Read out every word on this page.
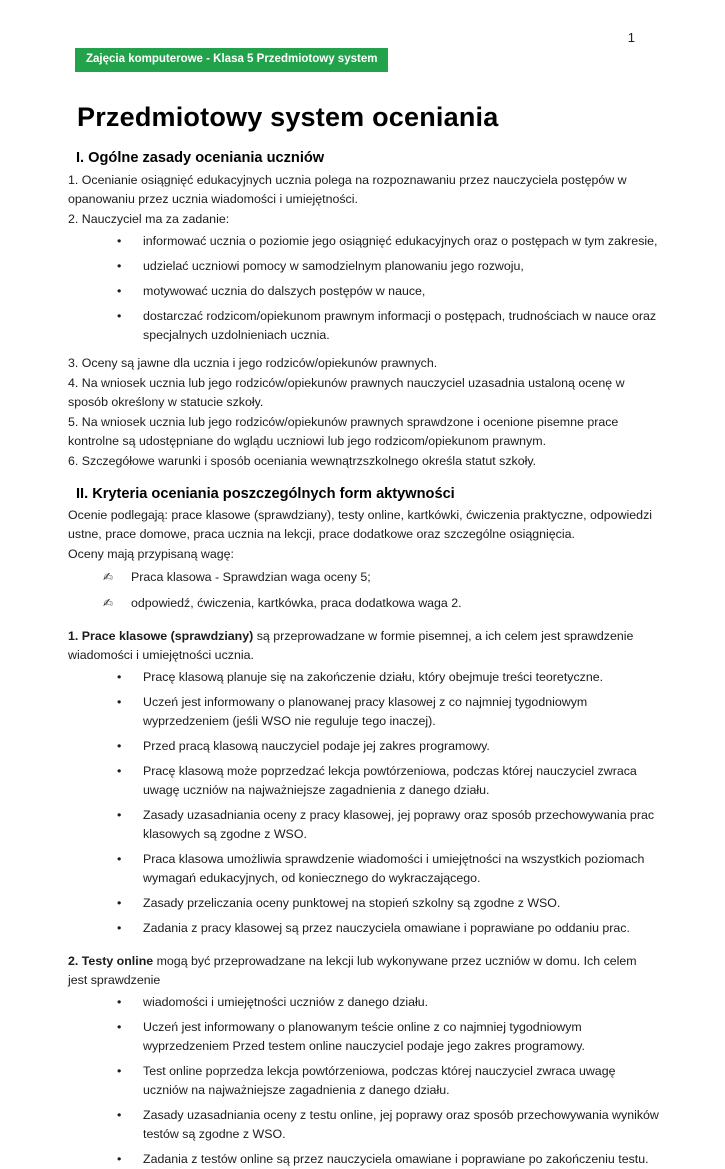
Zajęcia komputerowe - Klasa 5 Przedmiotowy system
1
Przedmiotowy system oceniania
I. Ogólne zasady oceniania uczniów

1. Ocenianie osiągnięć edukacyjnych ucznia polega na rozpoznawaniu przez nauczyciela postępów w opanowaniu przez ucznia wiadomości i umiejętności.

2. Nauczyciel ma za zadanie:

•	informować ucznia o poziomie jego osiągnięć edukacyjnych oraz o postępach w tym zakresie,
•	udzielać uczniowi pomocy w samodzielnym planowaniu jego rozwoju,
•	motywować ucznia do dalszych postępów w nauce,
•	dostarczać rodzicom/opiekunom prawnym informacji o postępach, trudnościach w nauce oraz specjalnych uzdolnieniach ucznia.

3. Oceny są jawne dla ucznia i jego rodziców/opiekunów prawnych.

4. Na wniosek ucznia lub jego rodziców/opiekunów prawnych nauczyciel uzasadnia ustaloną ocenę w sposób określony w statucie szkoły.

5. Na wniosek ucznia lub jego rodziców/opiekunów prawnych sprawdzone i ocenione pisemne prace kontrolne są udostępniane do wglądu uczniowi lub jego rodzicom/opiekunom prawnym.

6. Szczegółowe warunki i sposób oceniania wewnątrzszkolnego określa statut szkoły.

II. Kryteria oceniania poszczególnych form aktywności

Ocenie podlegają: prace klasowe (sprawdziany), testy online, kartkówki, ćwiczenia praktyczne, odpowiedzi ustne, prace domowe, praca ucznia na lekcji, prace dodatkowe oraz szczególne osiągnięcia.

Oceny mają przypisaną wagę:

✍	Praca klasowa - Sprawdzian waga oceny 5;
✍	odpowiedź, ćwiczenia, kartkówka, praca dodatkowa waga 2.

1. Prace klasowe (sprawdziany) są przeprowadzane w formie pisemnej, a ich celem jest sprawdzenie wiadomości i umiejętności ucznia.

•	Pracę klasową planuje się na zakończenie działu, który obejmuje treści teoretyczne.
•	Uczeń jest informowany o planowanej pracy klasowej z co najmniej tygodniowym wyprzedzeniem (jeśli WSO nie reguluje tego inaczej).
•	Przed pracą klasową nauczyciel podaje jej zakres programowy.
•	Pracę klasową może poprzedzać lekcja powtórzeniowa, podczas której nauczyciel zwraca uwagę uczniów na najważniejsze zagadnienia z danego działu.
•	Zasady uzasadniania oceny z pracy klasowej, jej poprawy oraz sposób przechowywania prac klasowych są zgodne z WSO.
•	Praca klasowa umożliwia sprawdzenie wiadomości i umiejętności na wszystkich poziomach wymagań edukacyjnych, od koniecznego do wykraczającego.
•	Zasady przeliczania oceny punktowej na stopień szkolny są zgodne z WSO.
•	Zadania z pracy klasowej są przez nauczyciela omawiane i poprawiane po oddaniu prac.

2. Testy online mogą być przeprowadzane na lekcji lub wykonywane przez uczniów w domu. Ich celem jest sprawdzenie

•	wiadomości i umiejętności uczniów z danego działu.
•	Uczeń jest informowany o planowanym teście online z co najmniej tygodniowym wyprzedzeniem Przed testem online nauczyciel podaje jego zakres programowy.
•	Test online poprzedza lekcja powtórzeniowa, podczas której nauczyciel zwraca uwagę uczniów na najważniejsze zagadnienia z danego działu.
•	Zasady uzasadniania oceny z testu online, jej poprawy oraz sposób przechowywania wyników testów są zgodne z WSO.
•	Zadania z testów online są przez nauczyciela omawiane i poprawiane po zakończeniu testu.
